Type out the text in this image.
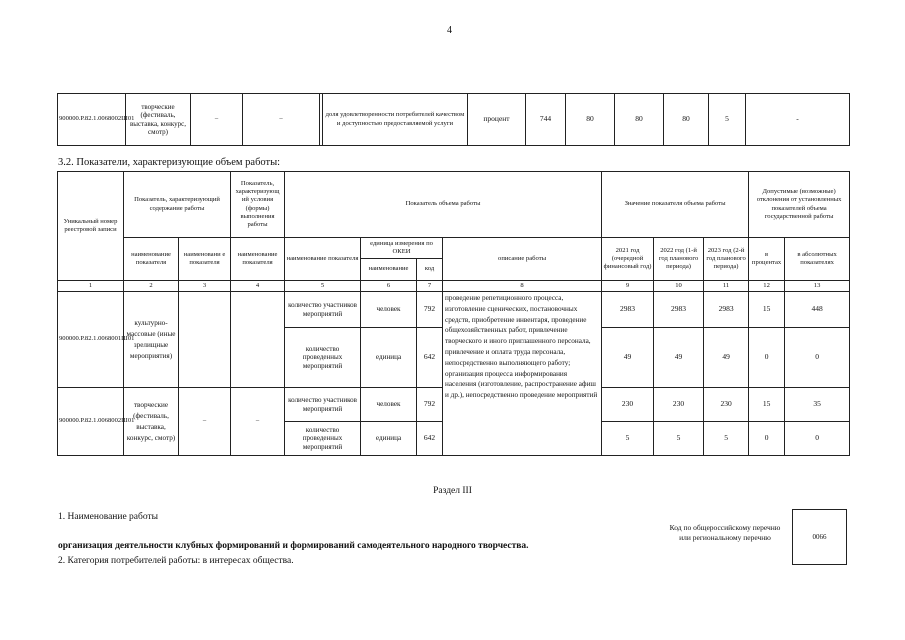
4
900000.Р.82.1.0068002Ш01	творческие (фестиваль, выставка, конкурс, смотр)	–	–		доля удовлетворенности потребителей качеством и доступностью предоставляемой услуги	процент	744	80	80	80	5	-
3.2. Показатели, характеризующие объем работы:
Уникальный номер реестровой записи	Показатель, характеризующий содержание работы		Показатель, характеризующ ий условия (формы) выполнения работы	Показатель объема работы				Значение показателя объема работы			Допустимые (возможные) отклонения от установленных показателей объема государственной работы	
	наименование показателя	наименовани е показателя	наименование показателя	наименование показателя	единица измерения по ОКЕИ		описание работы	2021 год (очередной финансовый год)	2022 год (1-й год планового периода)	2023 год (2-й год планового периода)	в процентах	в абсолютных показателях
					наименование	код						
1	2	3	4	5	6	7	8	9	10	11	12	13
900000.Р.82.1.0068001Ш01	культурно-массовые (иные зрелищные мероприятия)			количество участников мероприятий	человек	792	проведение репетиционного процесса, изготовление сценических, постановочных средств, приобретение инвентаря, проведение общехозяйственных работ, привлечение творческого и иного приглашенного персонала, привлечение и оплата труда персонала, непосредственно выполняющего работу; организация процесса информирования населения (изготовление, распространение афиш и др.), непосредственно проведение мероприятий	2983	2983	2983	15	448
				количество проведенных мероприятий	единица	642		49	49	49	0	0
900000.Р.82.1.0068002Ш01	творческие (фестиваль, выставка, конкурс, смотр)	–	–	количество участников мероприятий	человек	792		230	230	230	15	35
				количество проведенных мероприятий	единица	642		5	5	5	0	0
Раздел III
1. Наименование работы
организация деятельности клубных формирований и формирований самодеятельного народного творчества.
2. Категория потребителей работы: в интересах общества.
Код по общероссийскому перечню или региональному перечню	0066
